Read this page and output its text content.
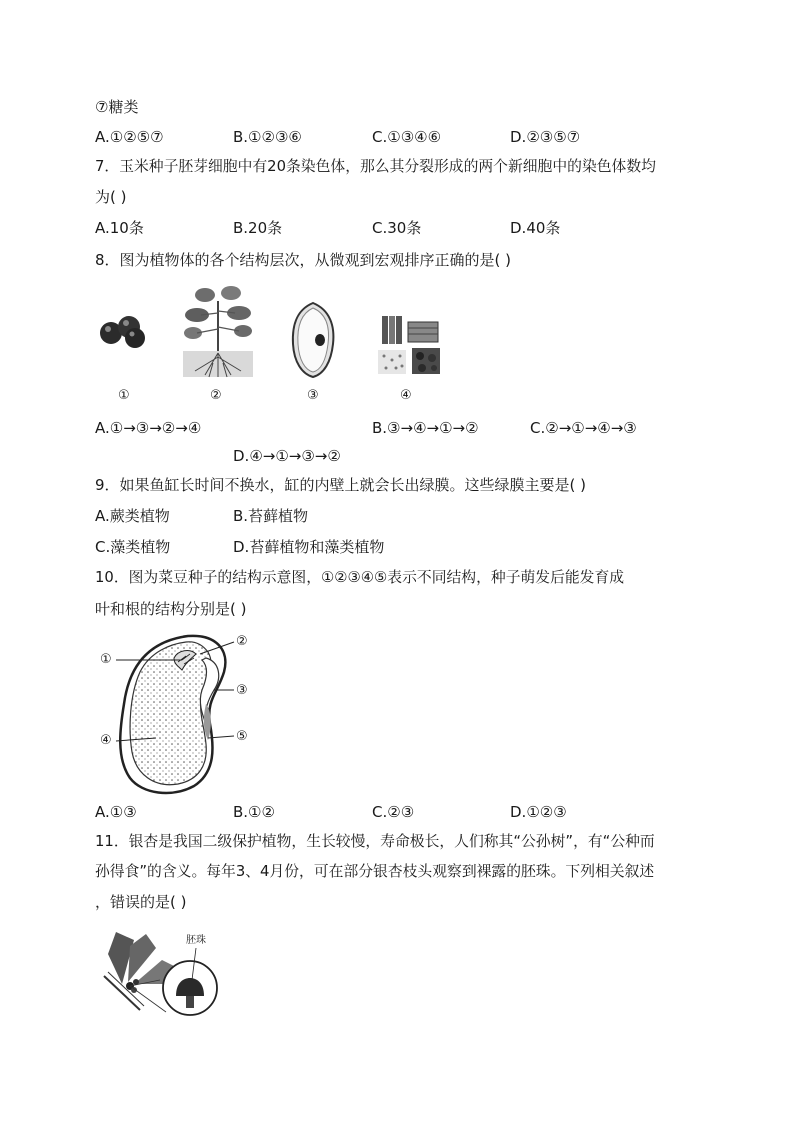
⑦糖类
A.①②⑤⑦	B.①②③⑥	C.①③④⑥	D.②③⑤⑦
7．玉米种子胚芽细胞中有20条染色体，那么其分裂形成的两个新细胞中的染色体数均
为( )
A.10条	B.20条	C.30条	D.40条
8．图为植物体的各个结构层次，从微观到宏观排序正确的是( )
①	②	③	④
A.①→③→②→④	B.③→④→①→②	C.②→①→④→③
D.④→①→③→②
9．如果鱼缸长时间不换水，缸的内壁上就会长出绿膜。这些绿膜主要是( )
A.蕨类植物	B.苔藓植物
C.藻类植物	D.苔藓植物和藻类植物
10．图为菜豆种子的结构示意图，①②③④⑤表示不同结构，种子萌发后能发育成
叶和根的结构分别是( )
①
②
③
④	⑤
A.①③	B.①②	C.②③	D.①②③
11．银杏是我国二级保护植物，生长较慢，寿命极长，人们称其“公孙树”，有“公种而
孙得食”的含义。每年3、4月份，可在部分银杏枝头观察到裸露的胚珠。下列相关叙述
，错误的是( )
胚珠
